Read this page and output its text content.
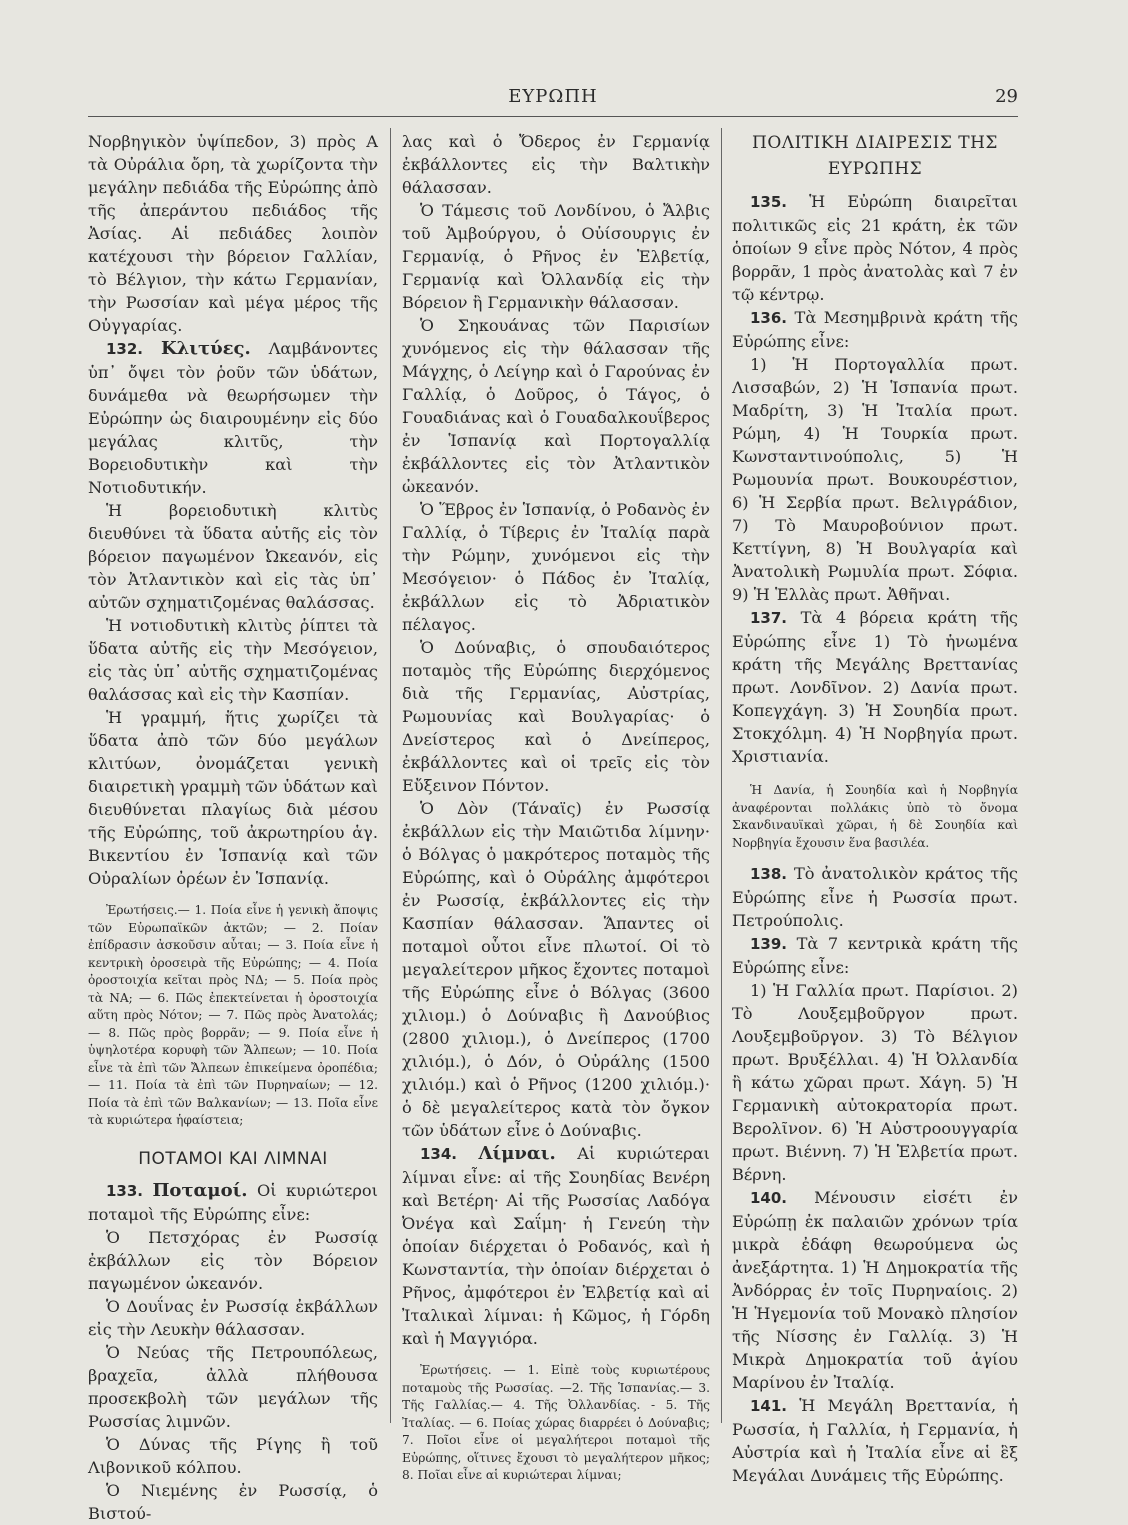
ΕΥΡΩΠΗ	29

Νορβηγικὸν ὑψίπεδον, 3) πρὸς Α τὰ Οὐράλια ὄρη, τὰ χωρίζοντα τὴν μεγάλην πεδιάδα τῆς Εὐρώπης ἀπὸ τῆς ἀπεράντου πεδιάδος τῆς Ἀσίας. Αἱ πεδιάδες λοιπὸν κατέχουσι τὴν βόρειον Γαλλίαν, τὸ Βέλγιον, τὴν κάτω Γερμανίαν, τὴν Ρωσσίαν καὶ μέγα μέρος τῆς Οὐγγαρίας.

132. Κλιτύες. Λαμβάνοντες ὑπ᾿ ὄψει τὸν ῥοῦν τῶν ὑδάτων, δυνάμεθα νὰ θεωρήσωμεν τὴν Εὐρώπην ὡς διαιρουμένην εἰς δύο μεγάλας κλιτῦς, τὴν Βορειοδυτικὴν καὶ τὴν Νοτιοδυτικήν.

Ἡ βορειοδυτικὴ κλιτὺς διευθύνει τὰ ὕδατα αὐτῆς εἰς τὸν βόρειον παγωμένον Ὠκεανόν, εἰς τὸν Ἀτλαντικὸν καὶ εἰς τὰς ὑπ᾿ αὐτῶν σχηματιζομένας θαλάσσας.

Ἡ νοτιοδυτικὴ κλιτὺς ῥίπτει τὰ ὕδατα αὐτῆς εἰς τὴν Μεσόγειον, εἰς τὰς ὑπ᾿ αὐτῆς σχηματιζομένας θαλάσσας καὶ εἰς τὴν Κασπίαν.

Ἡ γραμμή, ἥτις χωρίζει τὰ ὕδατα ἀπὸ τῶν δύο μεγάλων κλιτύων, ὀνομάζεται γενικὴ διαιρετικὴ γραμμὴ τῶν ὑδάτων καὶ διευθύνεται πλαγίως διὰ μέσου τῆς Εὐρώπης, τοῦ ἀκρωτηρίου ἁγ. Βικεντίου ἐν Ἱσπανίᾳ καὶ τῶν Οὐραλίων ὀρέων ἐν Ἱσπανίᾳ.

Ἐρωτήσεις.— 1. Ποία εἶνε ἡ γενικὴ ἄποψις τῶν Εὐρωπαϊκῶν ἀκτῶν; — 2. Ποίαν ἐπίδρασιν ἀσκοῦσιν αὗται; — 3. Ποία εἶνε ἡ κεντρικὴ ὀροσειρὰ τῆς Εὐρώπης; — 4. Ποία ὀροστοιχία κεῖται πρὸς ΝΔ; — 5. Ποία πρὸς τὰ ΝΑ; — 6. Πῶς ἐπεκτείνεται ἡ ὀροστοιχία αὕτη πρὸς Νότον; — 7. Πῶς πρὸς Ἀνατολάς; — 8. Πῶς πρὸς βορρᾶν; — 9. Ποία εἶνε ἡ ὑψηλοτέρα κορυφὴ τῶν Ἄλπεων; — 10. Ποία εἶνε τὰ ἐπὶ τῶν Ἄλπεων ἐπικείμενα ὀροπέδια; — 11. Ποία τὰ ἐπὶ τῶν Πυρηναίων; — 12. Ποία τὰ ἐπὶ τῶν Βαλκανίων; — 13. Ποῖα εἶνε τὰ κυριώτερα ἡφαίστεια;

ΠΟΤΑΜΟΙ ΚΑΙ ΛΙΜΝΑΙ

133. Ποταμοί. Οἱ κυριώτεροι ποταμοὶ τῆς Εὐρώπης εἶνε:

Ὁ Πετσχόρας ἐν Ρωσσίᾳ ἐκβάλλων εἰς τὸν Βόρειον παγωμένον ὠκεανόν.

Ὁ Δουΐνας ἐν Ρωσσίᾳ ἐκβάλλων εἰς τὴν Λευκὴν θάλασσαν.

Ὁ Νεύας τῆς Πετρουπόλεως, βραχεῖα, ἀλλὰ πλήθουσα προσεκβολὴ τῶν μεγάλων τῆς Ρωσσίας λιμνῶν.

Ὁ Δύνας τῆς Ρίγης ἢ τοῦ Λιβονικοῦ κόλπου.

Ὁ Νιεμένης ἐν Ρωσσίᾳ, ὁ Βιστού-

λας καὶ ὁ Ὄδερος ἐν Γερμανίᾳ ἐκβάλλοντες εἰς τὴν Βαλτικὴν θάλασσαν.

Ὁ Τάμεσις τοῦ Λονδίνου, ὁ Ἄλβις τοῦ Ἀμβούργου, ὁ Οὐίσουργις ἐν Γερμανίᾳ, ὁ Ρῆνος ἐν Ἑλβετίᾳ, Γερμανίᾳ καὶ Ὀλλανδίᾳ εἰς τὴν Βόρειον ἢ Γερμανικὴν θάλασσαν.

Ὁ Σηκουάνας τῶν Παρισίων χυνόμενος εἰς τὴν θάλασσαν τῆς Μάγχης, ὁ Λείγηρ καὶ ὁ Γαρούνας ἐν Γαλλίᾳ, ὁ Δοῦρος, ὁ Τάγος, ὁ Γουαδιάνας καὶ ὁ Γουαδαλκουΐβερος ἐν Ἱσπανίᾳ καὶ Πορτογαλλίᾳ ἐκβάλλοντες εἰς τὸν Ἀτλαντικὸν ὠκεανόν.

Ὁ Ἕβρος ἐν Ἱσπανίᾳ, ὁ Ροδανὸς ἐν Γαλλίᾳ, ὁ Τίβερις ἐν Ἰταλίᾳ παρὰ τὴν Ρώμην, χυνόμενοι εἰς τὴν Μεσόγειον· ὁ Πάδος ἐν Ἰταλίᾳ, ἐκβάλλων εἰς τὸ Ἀδριατικὸν πέλαγος.

Ὁ Δούναβις, ὁ σπουδαιότερος ποταμὸς τῆς Εὐρώπης διερχόμενος διὰ τῆς Γερμανίας, Αὐστρίας, Ρωμουνίας καὶ Βουλγαρίας· ὁ Δνείστερος καὶ ὁ Δνείπερος, ἐκβάλλοντες καὶ οἱ τρεῖς εἰς τὸν Εὔξεινον Πόντον.

Ὁ Δὸν (Τάναϊς) ἐν Ρωσσίᾳ ἐκβάλλων εἰς τὴν Μαιῶτιδα λίμνην· ὁ Βόλγας ὁ μακρότερος ποταμὸς τῆς Εὐρώπης, καὶ ὁ Οὐράλης ἀμφότεροι ἐν Ρωσσίᾳ, ἐκβάλλοντες εἰς τὴν Κασπίαν θάλασσαν. Ἅπαντες οἱ ποταμοὶ οὗτοι εἶνε πλωτοί. Οἱ τὸ μεγαλείτερον μῆκος ἔχοντες ποταμοὶ τῆς Εὐρώπης εἶνε ὁ Βόλγας (3600 χιλιομ.) ὁ Δούναβις ἢ Δανούβιος (2800 χιλιομ.), ὁ Δνείπερος (1700 χιλιόμ.), ὁ Δόν, ὁ Οὐράλης (1500 χιλιόμ.) καὶ ὁ Ρῆνος (1200 χιλιόμ.)· ὁ δὲ μεγαλείτερος κατὰ τὸν ὄγκον τῶν ὑδάτων εἶνε ὁ Δούναβις.

134. Λίμναι. Αἱ κυριώτεραι λίμναι εἶνε: αἱ τῆς Σουηδίας Βενέρη καὶ Βετέρη· Αἱ τῆς Ρωσσίας Λαδόγα Ὀνέγα καὶ Σαΐμη· ἡ Γενεύη τὴν ὁποίαν διέρχεται ὁ Ροδανός, καὶ ἡ Κωνσταντία, τὴν ὁποίαν διέρχεται ὁ Ρῆνος, ἀμφότεροι ἐν Ἑλβετίᾳ καὶ αἱ Ἰταλικαὶ λίμναι: ἡ Κῶμος, ἡ Γόρδη καὶ ἡ Μαγγιόρα.

Ἐρωτήσεις. — 1. Εἰπὲ τοὺς κυριωτέρους ποταμοὺς τῆς Ρωσσίας. —2. Τῆς Ἱσπανίας.— 3. Τῆς Γαλλίας.— 4. Τῆς Ὀλλανδίας. - 5. Τῆς Ἰταλίας. — 6. Ποίας χώρας διαρρέει ὁ Δούναβις; 7. Ποῖοι εἶνε οἱ μεγαλήτεροι ποταμοὶ τῆς Εὐρώπης, οἵτινες ἔχουσι τὸ μεγαλήτερον μῆκος; 8. Ποῖαι εἶνε αἱ κυριώτεραι λίμναι;

ΠΟΛΙΤΙΚΗ ΔΙΑΙΡΕΣΙΣ ΤΗΣ ΕΥΡΩΠΗΣ

135. Ἡ Εὐρώπη διαιρεῖται πολιτικῶς εἰς 21 κράτη, ἐκ τῶν ὁποίων 9 εἶνε πρὸς Νότον, 4 πρὸς βορρᾶν, 1 πρὸς ἀνατολὰς καὶ 7 ἐν τῷ κέντρῳ.

136. Τὰ Μεσημβρινὰ κράτη τῆς Εὐρώπης εἶνε:

1) Ἡ Πορτογαλλία πρωτ. Λισσαβών, 2) Ἡ Ἱσπανία πρωτ. Μαδρίτη, 3) Ἡ Ἰταλία πρωτ. Ρώμη, 4) Ἡ Τουρκία πρωτ. Κωνσταντινούπολις, 5) Ἡ Ρωμουνία πρωτ. Βουκουρέστιον, 6) Ἡ Σερβία πρωτ. Βελιγράδιον, 7) Τὸ Μαυροβούνιον πρωτ. Κεττίγνη, 8) Ἡ Βουλγαρία καὶ Ἀνατολικὴ Ρωμυλία πρωτ. Σόφια. 9) Ἡ Ἑλλὰς πρωτ. Ἀθῆναι.

137. Τὰ 4 βόρεια κράτη τῆς Εὐρώπης εἶνε 1) Τὸ ἡνωμένα κράτη τῆς Μεγάλης Βρεττανίας πρωτ. Λονδῖνον. 2) Δανία πρωτ. Κοπεγχάγη. 3) Ἡ Σουηδία πρωτ. Στοκχόλμη. 4) Ἡ Νορβηγία πρωτ. Χριστιανία.

Ἡ Δανία, ἡ Σουηδία καὶ ἡ Νορβηγία ἀναφέρονται πολλάκις ὑπὸ τὸ ὄνομα Σκανδιναυϊκαὶ χῶραι, ἡ δὲ Σουηδία καὶ Νορβηγία ἔχουσιν ἕνα βασιλέα.

138. Τὸ ἀνατολικὸν κράτος τῆς Εὐρώπης εἶνε ἡ Ρωσσία πρωτ. Πετρούπολις.

139. Τὰ 7 κεντρικὰ κράτη τῆς Εὐρώπης εἶνε:

1) Ἡ Γαλλία πρωτ. Παρίσιοι. 2) Τὸ Λουξεμβοῦργον πρωτ. Λουξεμβοῦργον. 3) Τὸ Βέλγιον πρωτ. Βρυξέλλαι. 4) Ἡ Ὀλλανδία ἢ κάτω χῶραι πρωτ. Χάγη. 5) Ἡ Γερμανικὴ αὐτοκρατορία πρωτ. Βερολῖνον. 6) Ἡ Αὐστροουγγαρία πρωτ. Βιέννη. 7) Ἡ Ἑλβετία πρωτ. Βέρνη.

140. Μένουσιν εἰσέτι ἐν Εὐρώπῃ ἐκ παλαιῶν χρόνων τρία μικρὰ ἐδάφη θεωρούμενα ὡς ἀνεξάρτητα. 1) Ἡ Δημοκρατία τῆς Ἀνδόρρας ἐν τοῖς Πυρηναίοις. 2) Ἡ Ἡγεμονία τοῦ Μονακὸ πλησίον τῆς Νίσσης ἐν Γαλλίᾳ. 3) Ἡ Μικρὰ Δημοκρατία τοῦ ἁγίου Μαρίνου ἐν Ἰταλίᾳ.

141. Ἡ Μεγάλη Βρεττανία, ἡ Ρωσσία, ἡ Γαλλία, ἡ Γερμανία, ἡ Αὐστρία καὶ ἡ Ἰταλία εἶνε αἱ ἓξ Μεγάλαι Δυνάμεις τῆς Εὐρώπης.
